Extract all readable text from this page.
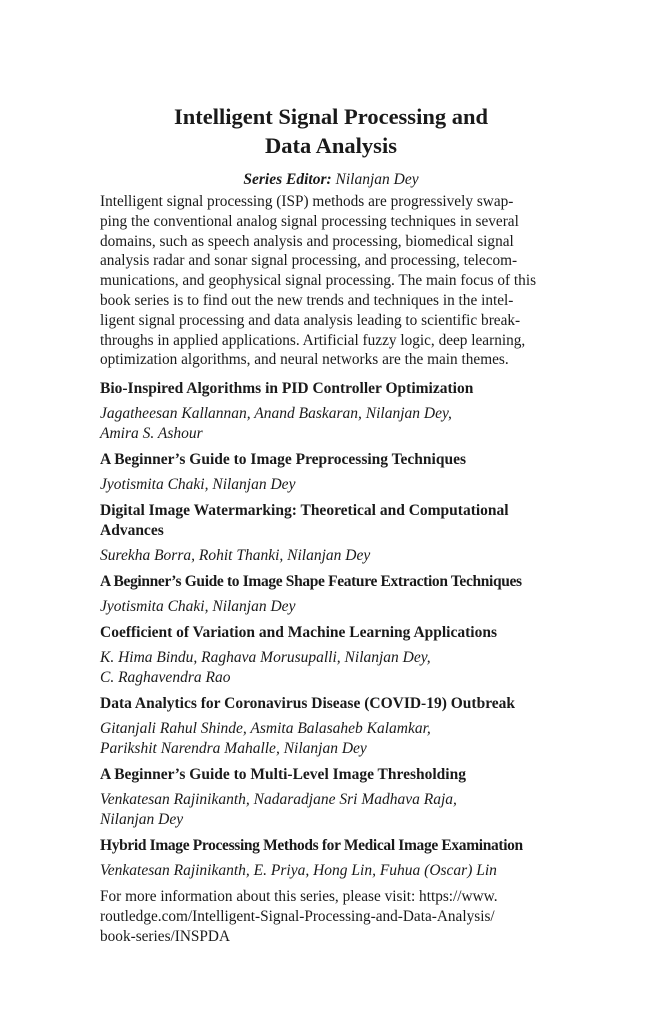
Intelligent Signal Processing and
Data Analysis
Series Editor: Nilanjan Dey
Intelligent signal processing (ISP) methods are progressively swap-
ping the conventional analog signal processing techniques in several
domains, such as speech analysis and processing, biomedical signal
analysis radar and sonar signal processing, and processing, telecom-
munications, and geophysical signal processing. The main focus of this
book series is to find out the new trends and techniques in the intel-
ligent signal processing and data analysis leading to scientific break-
throughs in applied applications. Artificial fuzzy logic, deep learning,
optimization algorithms, and neural networks are the main themes.
Bio-Inspired Algorithms in PID Controller Optimization
Jagatheesan Kallannan, Anand Baskaran, Nilanjan Dey,
Amira S. Ashour
A Beginner’s Guide to Image Preprocessing Techniques
Jyotismita Chaki, Nilanjan Dey
Digital Image Watermarking: Theoretical and Computational
Advances
Surekha Borra, Rohit Thanki, Nilanjan Dey
A Beginner’s Guide to Image Shape Feature Extraction Techniques
Jyotismita Chaki, Nilanjan Dey
Coefficient of Variation and Machine Learning Applications
K. Hima Bindu, Raghava Morusupalli, Nilanjan Dey,
C. Raghavendra Rao
Data Analytics for Coronavirus Disease (COVID-19) Outbreak
Gitanjali Rahul Shinde, Asmita Balasaheb Kalamkar,
Parikshit Narendra Mahalle, Nilanjan Dey
A Beginner’s Guide to Multi-Level Image Thresholding
Venkatesan Rajinikanth, Nadaradjane Sri Madhava Raja,
Nilanjan Dey
Hybrid Image Processing Methods for Medical Image Examination
Venkatesan Rajinikanth, E. Priya, Hong Lin, Fuhua (Oscar) Lin
For more information about this series, please visit: https://www.
routledge.com/Intelligent-Signal-Processing-and-Data-Analysis/
book-series/INSPDA
